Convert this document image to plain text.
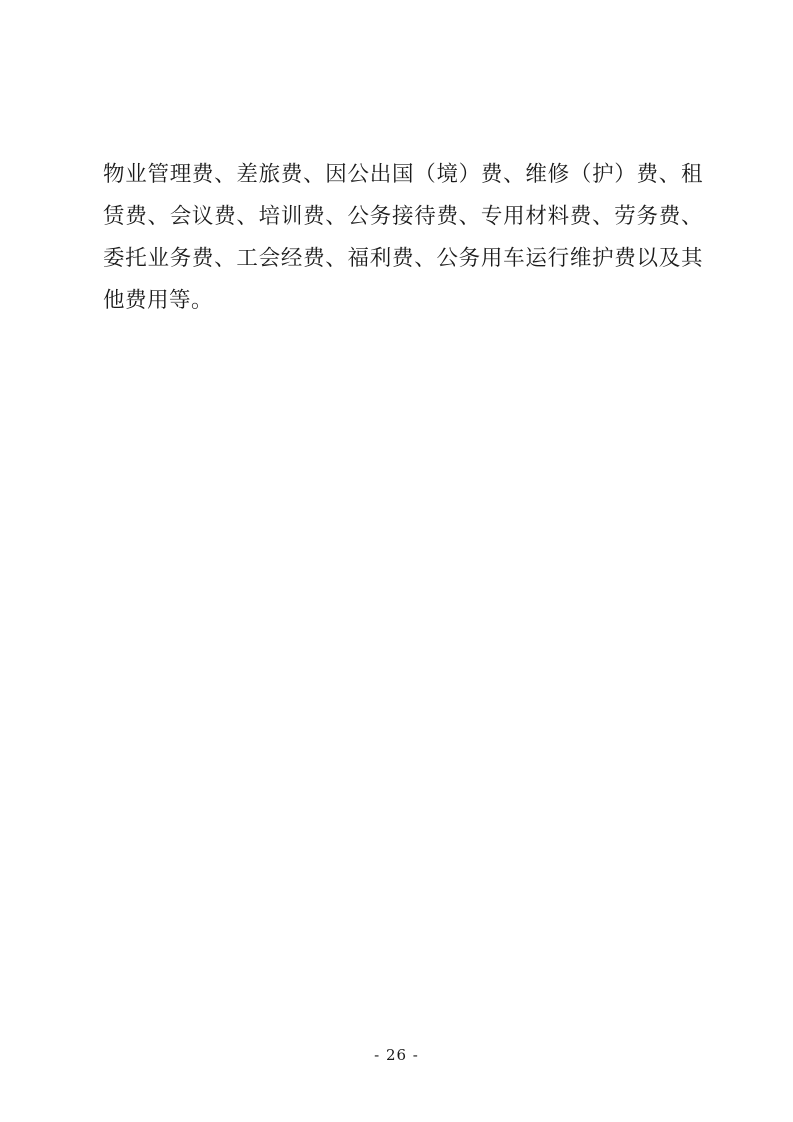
物业管理费、差旅费、因公出国（境）费、维修（护）费、租赁费、会议费、培训费、公务接待费、专用材料费、劳务费、委托业务费、工会经费、福利费、公务用车运行维护费以及其他费用等。

- 26 -
